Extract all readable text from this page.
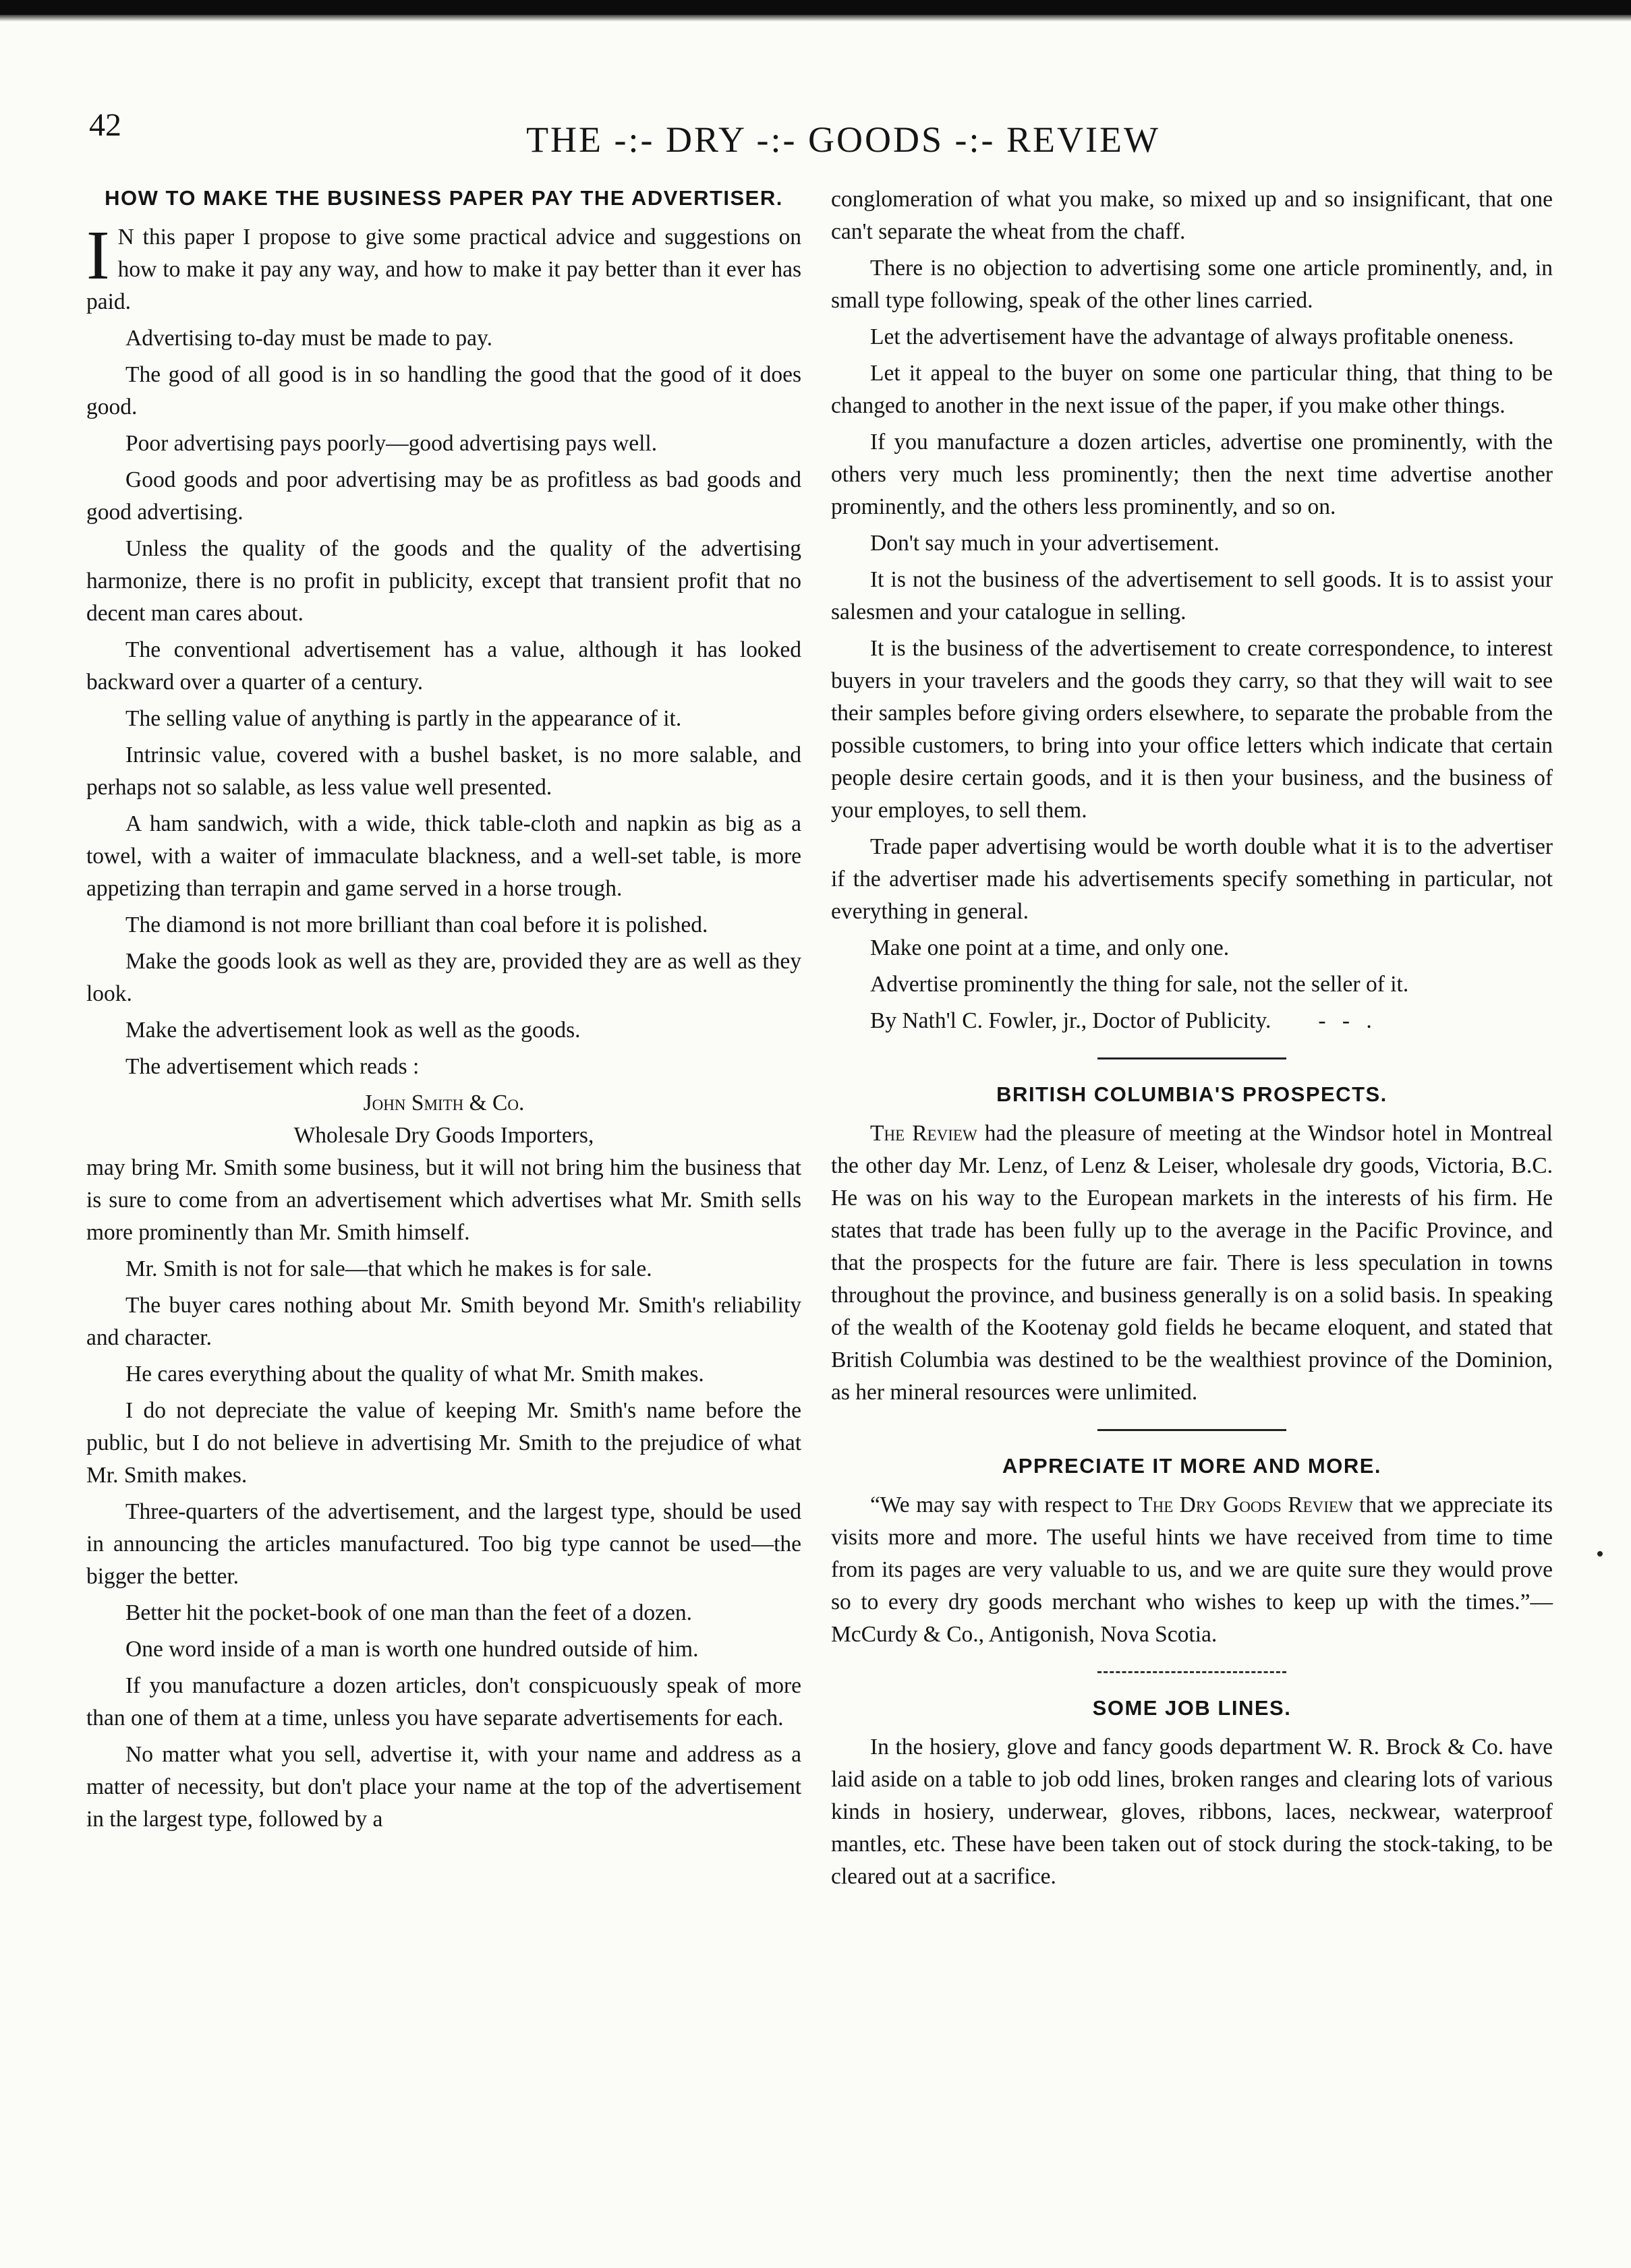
42	THE -:- DRY -:- GOODS -:- REVIEW
HOW TO MAKE THE BUSINESS PAPER PAY THE ADVERTISER.

I N this paper I propose to give some practical advice and suggestions on how to make it pay any way, and how to make it pay better than it ever has paid.

Advertising to-day must be made to pay.

The good of all good is in so handling the good that the good of it does good.

Poor advertising pays poorly—good advertising pays well.

Good goods and poor advertising may be as profitless as bad goods and good advertising.

Unless the quality of the goods and the quality of the advertising harmonize, there is no profit in publicity, except that transient profit that no decent man cares about.

The conventional advertisement has a value, although it has looked backward over a quarter of a century.

The selling value of anything is partly in the appearance of it.

Intrinsic value, covered with a bushel basket, is no more salable, and perhaps not so salable, as less value well presented.

A ham sandwich, with a wide, thick table-cloth and napkin as big as a towel, with a waiter of immaculate blackness, and a well-set table, is more appetizing than terrapin and game served in a horse trough.

The diamond is not more brilliant than coal before it is polished.

Make the goods look as well as they are, provided they are as well as they look.

Make the advertisement look as well as the goods.

The advertisement which reads :

John Smith & Co.

Wholesale Dry Goods Importers,

may bring Mr. Smith some business, but it will not bring him the business that is sure to come from an advertisement which advertises what Mr. Smith sells more prominently than Mr. Smith himself.

Mr. Smith is not for sale—that which he makes is for sale.

The buyer cares nothing about Mr. Smith beyond Mr. Smith's reliability and character.

He cares everything about the quality of what Mr. Smith makes.

I do not depreciate the value of keeping Mr. Smith's name before the public, but I do not believe in advertising Mr. Smith to the prejudice of what Mr. Smith makes.

Three-quarters of the advertisement, and the largest type, should be used in announcing the articles manufactured. Too big type cannot be used—the bigger the better.

Better hit the pocket-book of one man than the feet of a dozen.

One word inside of a man is worth one hundred outside of him.

If you manufacture a dozen articles, don't conspicuously speak of more than one of them at a time, unless you have separate advertisements for each.

No matter what you sell, advertise it, with your name and address as a matter of necessity, but don't place your name at the top of the advertisement in the largest type, followed by a

conglomeration of what you make, so mixed up and so insignificant, that one can't separate the wheat from the chaff.

There is no objection to advertising some one article prominently, and, in small type following, speak of the other lines carried.

Let the advertisement have the advantage of always profitable oneness.

Let it appeal to the buyer on some one particular thing, that thing to be changed to another in the next issue of the paper, if you make other things.

If you manufacture a dozen articles, advertise one prominently, with the others very much less prominently; then the next time advertise another prominently, and the others less prominently, and so on.

Don't say much in your advertisement.

It is not the business of the advertisement to sell goods. It is to assist your salesmen and your catalogue in selling.

It is the business of the advertisement to create correspondence, to interest buyers in your travelers and the goods they carry, so that they will wait to see their samples before giving orders elsewhere, to separate the probable from the possible customers, to bring into your office letters which indicate that certain people desire certain goods, and it is then your business, and the business of your employes, to sell them.

Trade paper advertising would be worth double what it is to the advertiser if the advertiser made his advertisements specify something in particular, not everything in general.

Make one point at a time, and only one.

Advertise prominently the thing for sale, not the seller of it.

By Nath'l C. Fowler, jr., Doctor of Publicity. - - .

BRITISH COLUMBIA'S PROSPECTS.

The Review had the pleasure of meeting at the Windsor hotel in Montreal the other day Mr. Lenz, of Lenz & Leiser, wholesale dry goods, Victoria, B.C. He was on his way to the European markets in the interests of his firm. He states that trade has been fully up to the average in the Pacific Province, and that the prospects for the future are fair. There is less speculation in towns throughout the province, and business generally is on a solid basis. In speaking of the wealth of the Kootenay gold fields he became eloquent, and stated that British Columbia was destined to be the wealthiest province of the Dominion, as her mineral resources were unlimited.

APPRECIATE IT MORE AND MORE.

“We may say with respect to The Dry Goods Review that we appreciate its visits more and more. The useful hints we have received from time to time from its pages are very valuable to us, and we are quite sure they would prove so to every dry goods merchant who wishes to keep up with the times.”—McCurdy & Co., Antigonish, Nova Scotia.

SOME JOB LINES.

In the hosiery, glove and fancy goods department W. R. Brock & Co. have laid aside on a table to job odd lines, broken ranges and clearing lots of various kinds in hosiery, underwear, gloves, ribbons, laces, neckwear, waterproof mantles, etc. These have been taken out of stock during the stock-taking, to be cleared out at a sacrifice.
